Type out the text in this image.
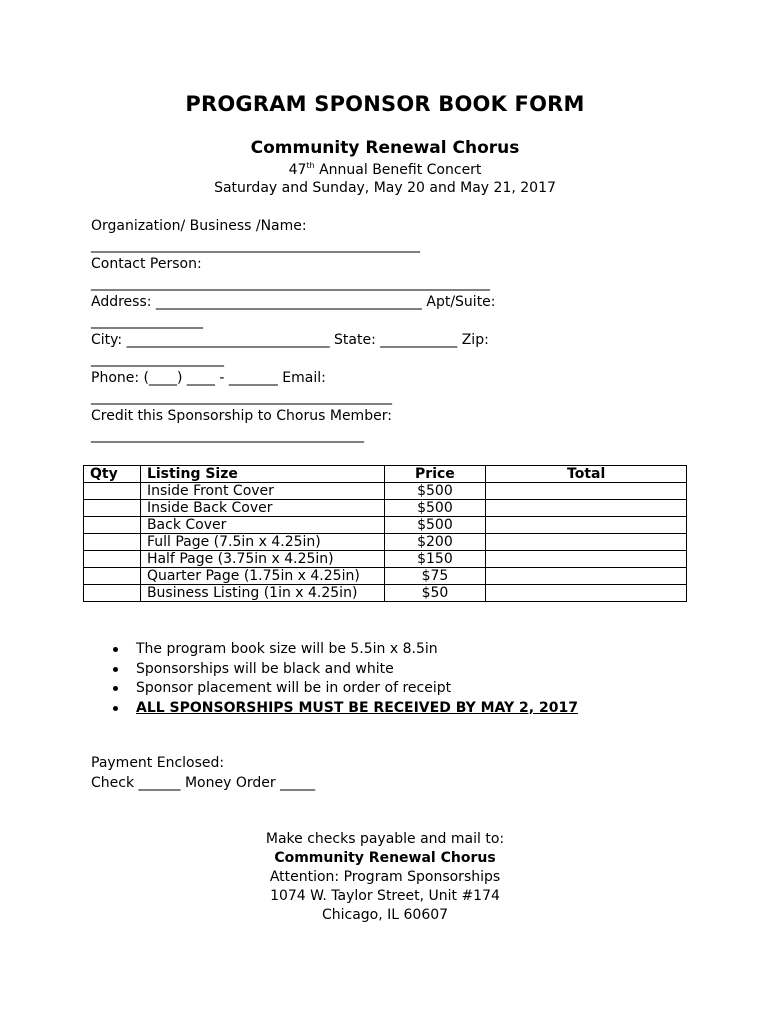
PROGRAM SPONSOR BOOK FORM
Community Renewal Chorus
47th Annual Benefit Concert
Saturday and Sunday, May 20 and May 21, 2017
Organization/ Business /Name:
_______________________________________________
Contact Person:
_________________________________________________________
Address: ______________________________________ Apt/Suite:
________________
City: _____________________________ State: ___________ Zip:
___________________
Phone: (____) ____ - _______ Email:
___________________________________________
Credit this Sponsorship to Chorus Member:
_______________________________________
Qty	Listing Size	Price	Total
	Inside Front Cover	$500	
	Inside Back Cover	$500	
	Back Cover	$500	
	Full Page (7.5in x 4.25in)	$200	
	Half Page (3.75in x 4.25in)	$150	
	Quarter Page (1.75in x 4.25in)	$75	
	Business Listing (1in x 4.25in)	$50	
The program book size will be 5.5in x 8.5in
Sponsorships will be black and white
Sponsor placement will be in order of receipt
ALL SPONSORSHIPS MUST BE RECEIVED BY MAY 2, 2017
Payment Enclosed:
Check ______ Money Order _____
Make checks payable and mail to:
Community Renewal Chorus
Attention: Program Sponsorships
1074 W. Taylor Street, Unit #174
Chicago, IL 60607
